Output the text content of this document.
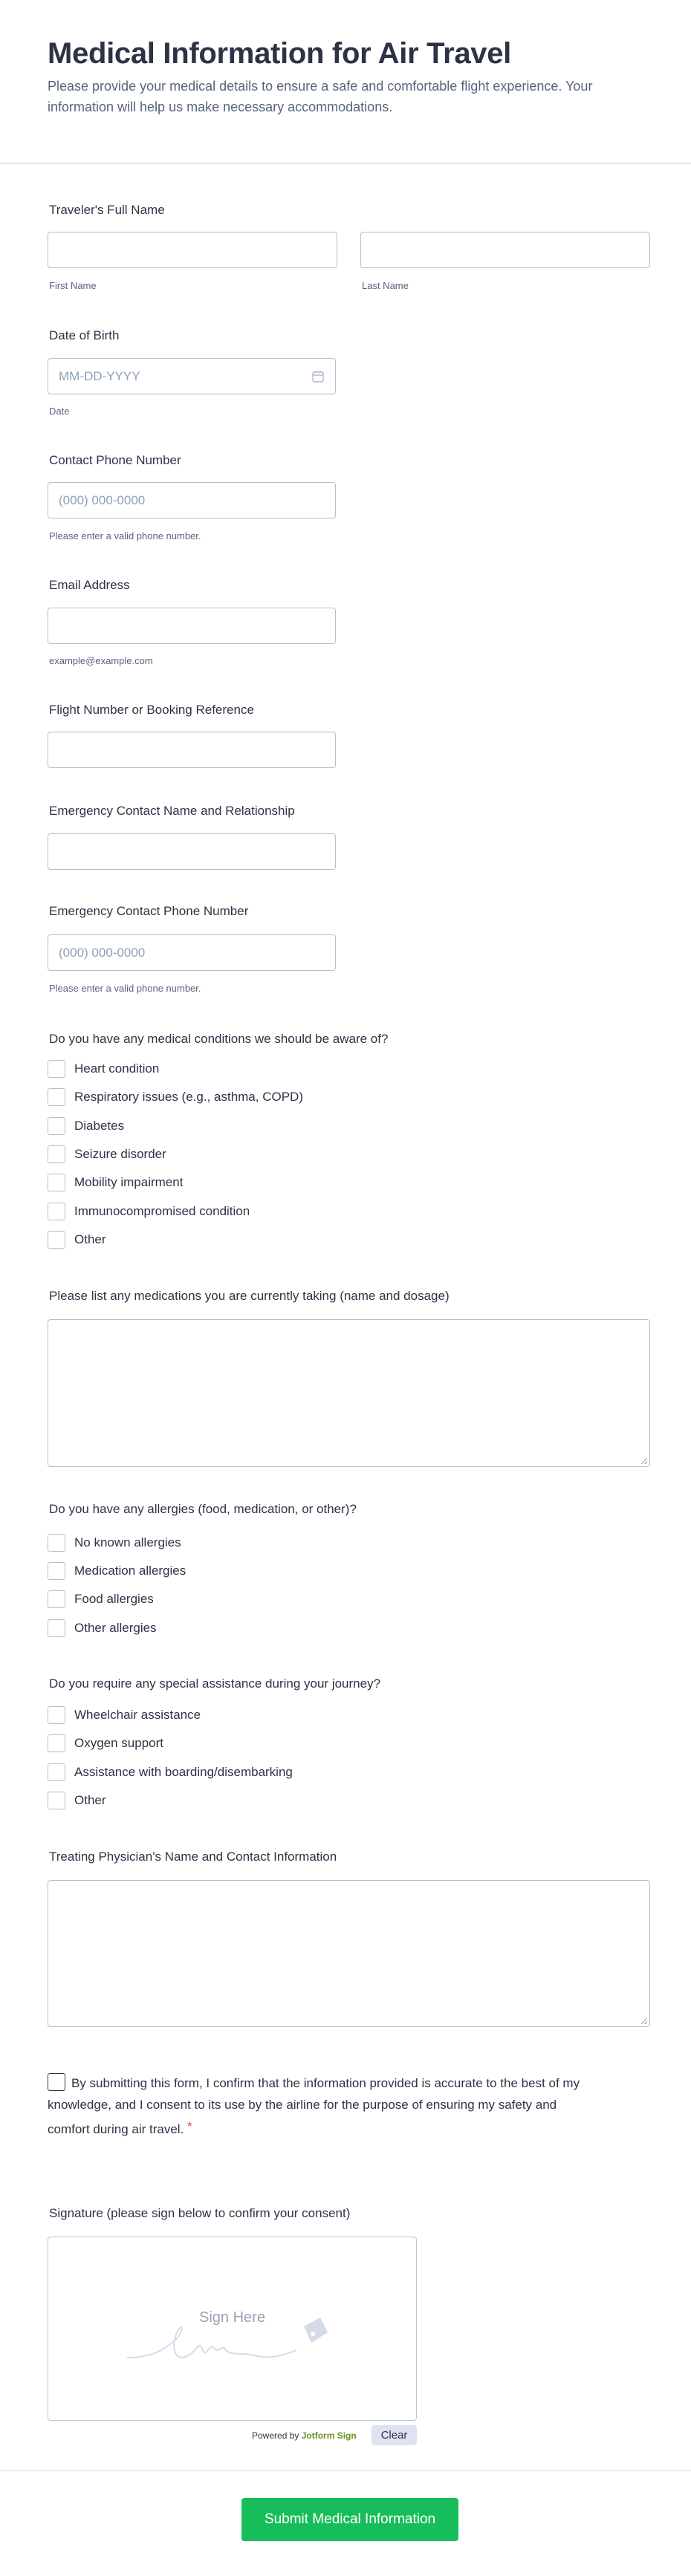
Medical Information for Air Travel
Please provide your medical details to ensure a safe and comfortable flight experience. Your information will help us make necessary accommodations.
Traveler's Full Name
First Name	Last Name
Date of Birth
MM-DD-YYYY
Date
Contact Phone Number
(000) 000-0000
Please enter a valid phone number.
Email Address
example@example.com
Flight Number or Booking Reference
Emergency Contact Name and Relationship
Emergency Contact Phone Number
(000) 000-0000
Please enter a valid phone number.
Do you have any medical conditions we should be aware of?
Heart condition
Respiratory issues (e.g., asthma, COPD)
Diabetes
Seizure disorder
Mobility impairment
Immunocompromised condition
Other
Please list any medications you are currently taking (name and dosage)
Do you have any allergies (food, medication, or other)?
No known allergies
Medication allergies
Food allergies
Other allergies
Do you require any special assistance during your journey?
Wheelchair assistance
Oxygen support
Assistance with boarding/disembarking
Other
Treating Physician's Name and Contact Information
By submitting this form, I confirm that the information provided is accurate to the best of my knowledge, and I consent to its use by the airline for the purpose of ensuring my safety and comfort during air travel. *
Signature (please sign below to confirm your consent)
Sign Here
Powered by Jotform Sign	Clear
Submit Medical Information
